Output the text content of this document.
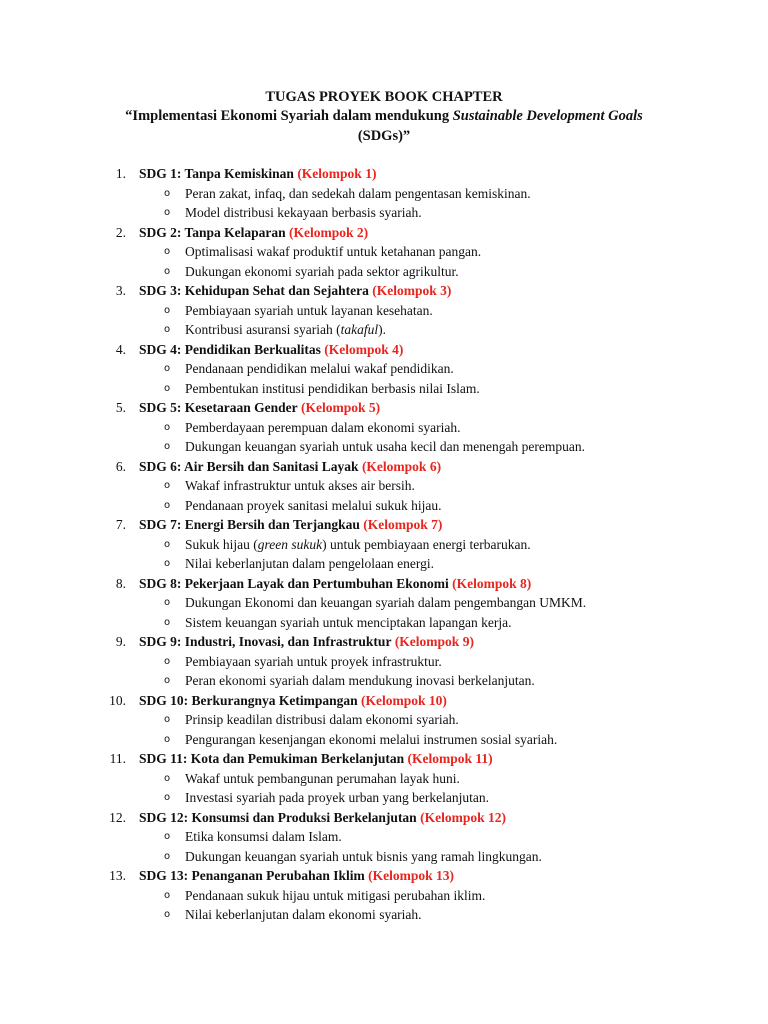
TUGAS PROYEK BOOK CHAPTER
“Implementasi Ekonomi Syariah dalam mendukung Sustainable Development Goals
(SDGs)”
1. SDG 1: Tanpa Kemiskinan (Kelompok 1)
o Peran zakat, infaq, dan sedekah dalam pengentasan kemiskinan.
o Model distribusi kekayaan berbasis syariah.
2. SDG 2: Tanpa Kelaparan (Kelompok 2)
o Optimalisasi wakaf produktif untuk ketahanan pangan.
o Dukungan ekonomi syariah pada sektor agrikultur.
3. SDG 3: Kehidupan Sehat dan Sejahtera (Kelompok 3)
o Pembiayaan syariah untuk layanan kesehatan.
o Kontribusi asuransi syariah (takaful).
4. SDG 4: Pendidikan Berkualitas (Kelompok 4)
o Pendanaan pendidikan melalui wakaf pendidikan.
o Pembentukan institusi pendidikan berbasis nilai Islam.
5. SDG 5: Kesetaraan Gender (Kelompok 5)
o Pemberdayaan perempuan dalam ekonomi syariah.
o Dukungan keuangan syariah untuk usaha kecil dan menengah perempuan.
6. SDG 6: Air Bersih dan Sanitasi Layak (Kelompok 6)
o Wakaf infrastruktur untuk akses air bersih.
o Pendanaan proyek sanitasi melalui sukuk hijau.
7. SDG 7: Energi Bersih dan Terjangkau (Kelompok 7)
o Sukuk hijau (green sukuk) untuk pembiayaan energi terbarukan.
o Nilai keberlanjutan dalam pengelolaan energi.
8. SDG 8: Pekerjaan Layak dan Pertumbuhan Ekonomi (Kelompok 8)
o Dukungan Ekonomi dan keuangan syariah dalam pengembangan UMKM.
o Sistem keuangan syariah untuk menciptakan lapangan kerja.
9. SDG 9: Industri, Inovasi, dan Infrastruktur (Kelompok 9)
o Pembiayaan syariah untuk proyek infrastruktur.
o Peran ekonomi syariah dalam mendukung inovasi berkelanjutan.
10. SDG 10: Berkurangnya Ketimpangan (Kelompok 10)
o Prinsip keadilan distribusi dalam ekonomi syariah.
o Pengurangan kesenjangan ekonomi melalui instrumen sosial syariah.
11. SDG 11: Kota dan Pemukiman Berkelanjutan (Kelompok 11)
o Wakaf untuk pembangunan perumahan layak huni.
o Investasi syariah pada proyek urban yang berkelanjutan.
12. SDG 12: Konsumsi dan Produksi Berkelanjutan (Kelompok 12)
o Etika konsumsi dalam Islam.
o Dukungan keuangan syariah untuk bisnis yang ramah lingkungan.
13. SDG 13: Penanganan Perubahan Iklim (Kelompok 13)
o Pendanaan sukuk hijau untuk mitigasi perubahan iklim.
o Nilai keberlanjutan dalam ekonomi syariah.
